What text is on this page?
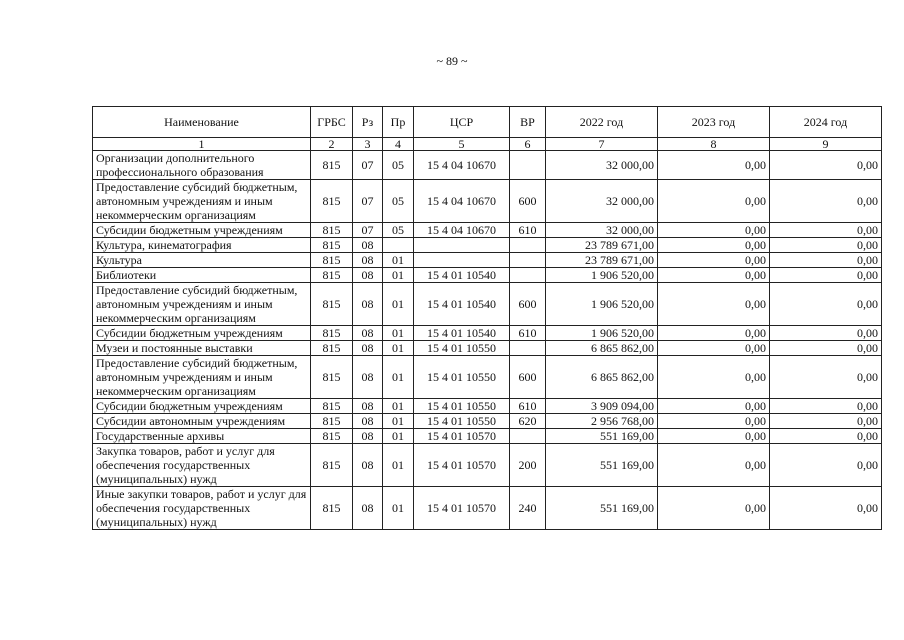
~ 89 ~
Наименование	ГРБС	Рз	Пр	ЦСР	ВР	2022 год	2023 год	2024 год
1	2	3	4	5	6	7	8	9
Организации дополнительного профессионального образования	815	07	05	15 4 04 10670		32 000,00	0,00	0,00
Предоставление субсидий бюджетным, автономным учреждениям и иным некоммерческим организациям	815	07	05	15 4 04 10670	600	32 000,00	0,00	0,00
Субсидии бюджетным учреждениям	815	07	05	15 4 04 10670	610	32 000,00	0,00	0,00
Культура, кинематография	815	08				23 789 671,00	0,00	0,00
Культура	815	08	01			23 789 671,00	0,00	0,00
Библиотеки	815	08	01	15 4 01 10540		1 906 520,00	0,00	0,00
Предоставление субсидий бюджетным, автономным учреждениям и иным некоммерческим организациям	815	08	01	15 4 01 10540	600	1 906 520,00	0,00	0,00
Субсидии бюджетным учреждениям	815	08	01	15 4 01 10540	610	1 906 520,00	0,00	0,00
Музеи и постоянные выставки	815	08	01	15 4 01 10550		6 865 862,00	0,00	0,00
Предоставление субсидий бюджетным, автономным учреждениям и иным некоммерческим организациям	815	08	01	15 4 01 10550	600	6 865 862,00	0,00	0,00
Субсидии бюджетным учреждениям	815	08	01	15 4 01 10550	610	3 909 094,00	0,00	0,00
Субсидии автономным учреждениям	815	08	01	15 4 01 10550	620	2 956 768,00	0,00	0,00
Государственные архивы	815	08	01	15 4 01 10570		551 169,00	0,00	0,00
Закупка товаров, работ и услуг для обеспечения государственных (муниципальных) нужд	815	08	01	15 4 01 10570	200	551 169,00	0,00	0,00
Иные закупки товаров, работ и услуг для обеспечения государственных (муниципальных) нужд	815	08	01	15 4 01 10570	240	551 169,00	0,00	0,00
